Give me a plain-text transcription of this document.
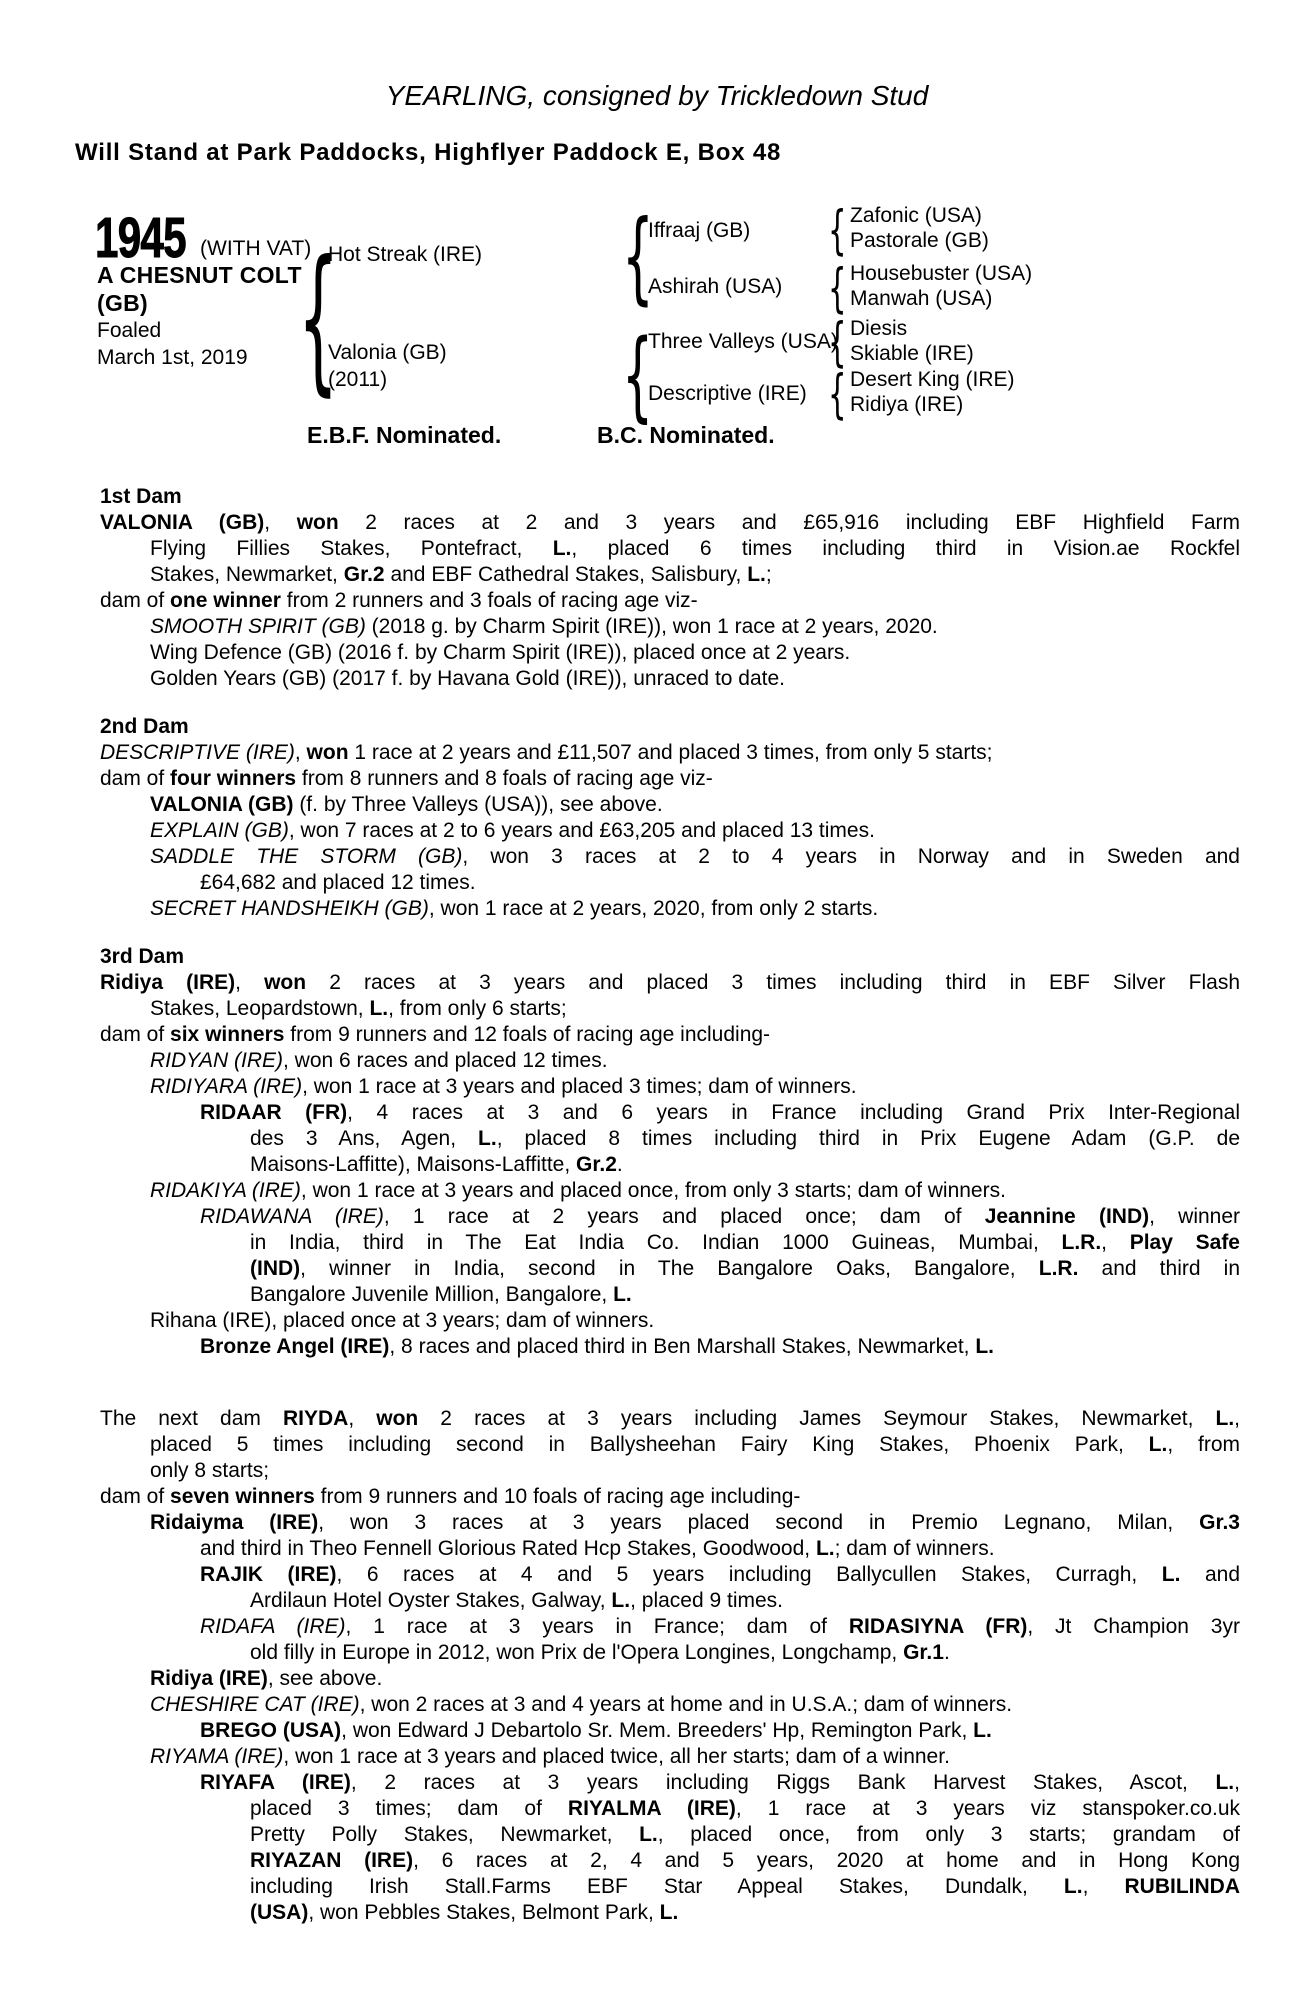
YEARLING, consigned by Trickledown Stud
Will Stand at Park Paddocks, Highflyer Paddock E, Box 48
1945 (WITH VAT)
A CHESNUT COLT
(GB)
Foaled
March 1st, 2019 {	{
{
{
{
{
{
Hot Streak (IRE)
Valonia (GB)
(2011)
Iffraaj (GB)
Ashirah (USA)
Three Valleys (USA)
Descriptive (IRE)
Zafonic (USA)
Pastorale (GB)
Housebuster (USA)
Manwah (USA)
Diesis
Skiable (IRE)
Desert King (IRE)
Ridiya (IRE)
E.B.F. Nominated.	B.C. Nominated.
1st Dam
VALONIA (GB), won 2 races at 2 and 3 years and £65,916 including EBF Highfield Farm
Flying Fillies Stakes, Pontefract, L., placed 6 times including third in Vision.ae Rockfel
Stakes, Newmarket, Gr.2 and EBF Cathedral Stakes, Salisbury, L.;
dam of one winner from 2 runners and 3 foals of racing age viz-
SMOOTH SPIRIT (GB) (2018 g. by Charm Spirit (IRE)), won 1 race at 2 years, 2020.
Wing Defence (GB) (2016 f. by Charm Spirit (IRE)), placed once at 2 years.
Golden Years (GB) (2017 f. by Havana Gold (IRE)), unraced to date.
2nd Dam
DESCRIPTIVE (IRE), won 1 race at 2 years and £11,507 and placed 3 times, from only 5 starts;
dam of four winners from 8 runners and 8 foals of racing age viz-
VALONIA (GB) (f. by Three Valleys (USA)), see above.
EXPLAIN (GB), won 7 races at 2 to 6 years and £63,205 and placed 13 times.
SADDLE THE STORM (GB), won 3 races at 2 to 4 years in Norway and in Sweden and
£64,682 and placed 12 times.
SECRET HANDSHEIKH (GB), won 1 race at 2 years, 2020, from only 2 starts.
3rd Dam
Ridiya (IRE), won 2 races at 3 years and placed 3 times including third in EBF Silver Flash
Stakes, Leopardstown, L., from only 6 starts;
dam of six winners from 9 runners and 12 foals of racing age including-
RIDYAN (IRE), won 6 races and placed 12 times.
RIDIYARA (IRE), won 1 race at 3 years and placed 3 times; dam of winners.
RIDAAR (FR), 4 races at 3 and 6 years in France including Grand Prix Inter-Regional
des 3 Ans, Agen, L., placed 8 times including third in Prix Eugene Adam (G.P. de
Maisons-Laffitte), Maisons-Laffitte, Gr.2.
RIDAKIYA (IRE), won 1 race at 3 years and placed once, from only 3 starts; dam of winners.
RIDAWANA (IRE), 1 race at 2 years and placed once; dam of Jeannine (IND), winner
in India, third in The Eat India Co. Indian 1000 Guineas, Mumbai, L.R., Play Safe
(IND), winner in India, second in The Bangalore Oaks, Bangalore, L.R. and third in
Bangalore Juvenile Million, Bangalore, L.
Rihana (IRE), placed once at 3 years; dam of winners.
Bronze Angel (IRE), 8 races and placed third in Ben Marshall Stakes, Newmarket, L.
The next dam RIYDA, won 2 races at 3 years including James Seymour Stakes, Newmarket, L.,
placed 5 times including second in Ballysheehan Fairy King Stakes, Phoenix Park, L., from
only 8 starts;
dam of seven winners from 9 runners and 10 foals of racing age including-
Ridaiyma (IRE), won 3 races at 3 years placed second in Premio Legnano, Milan, Gr.3
and third in Theo Fennell Glorious Rated Hcp Stakes, Goodwood, L.; dam of winners.
RAJIK (IRE), 6 races at 4 and 5 years including Ballycullen Stakes, Curragh, L. and
Ardilaun Hotel Oyster Stakes, Galway, L., placed 9 times.
RIDAFA (IRE), 1 race at 3 years in France; dam of RIDASIYNA (FR), Jt Champion 3yr
old filly in Europe in 2012, won Prix de l'Opera Longines, Longchamp, Gr.1.
Ridiya (IRE), see above.
CHESHIRE CAT (IRE), won 2 races at 3 and 4 years at home and in U.S.A.; dam of winners.
BREGO (USA), won Edward J Debartolo Sr. Mem. Breeders' Hp, Remington Park, L.
RIYAMA (IRE), won 1 race at 3 years and placed twice, all her starts; dam of a winner.
RIYAFA (IRE), 2 races at 3 years including Riggs Bank Harvest Stakes, Ascot, L.,
placed 3 times; dam of RIYALMA (IRE), 1 race at 3 years viz stanspoker.co.uk
Pretty Polly Stakes, Newmarket, L., placed once, from only 3 starts; grandam of
RIYAZAN (IRE), 6 races at 2, 4 and 5 years, 2020 at home and in Hong Kong
including Irish Stall.Farms EBF Star Appeal Stakes, Dundalk, L., RUBILINDA
(USA), won Pebbles Stakes, Belmont Park, L.
